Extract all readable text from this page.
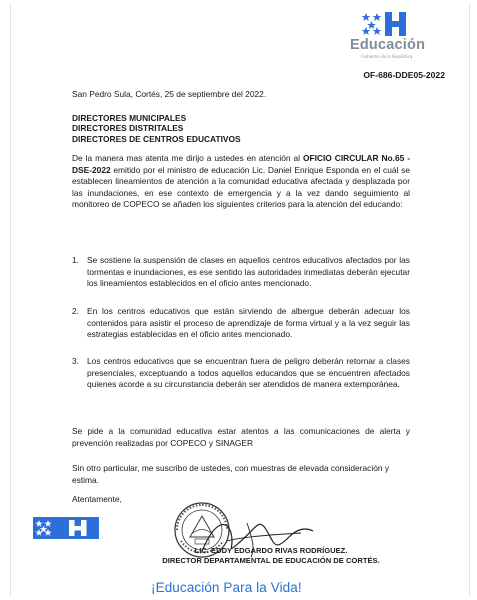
Educación
Gobierno de la República
OF-686-DDE05-2022
San Pedro Sula, Cortés, 25 de septiembre del 2022.
DIRECTORES MUNICIPALES
DIRECTORES DISTRITALES
DIRECTORES DE CENTROS EDUCATIVOS
De la manera mas atenta me dirijo a ustedes en atención al OFICIO CIRCULAR No.65 -DSE-2022 emitido por el ministro de educación Lic. Daniel Enrique Esponda en el cuál se establecen lineamientos de atención a la comunidad educativa afectada y desplazada por las inundaciones, en ese contexto de emergencia y a la vez dando seguimiento al monitoreo de COPECO se añaden los siguientes criterios para la atención del educando:
1. Se sostiene la suspensión de clases en aquellos centros educativos afectados por las tormentas e inundaciones, es ese sentido las autoridades inmediatas deberán ejecutar los lineamientos establecidos en el oficio antes mencionado.
2. En los centros educativos que están sirviendo de albergue deberán adecuar los contenidos para asistir el proceso de aprendizaje de forma virtual y a la vez seguir las estrategias establecidas en el oficio antes mencionado.
3. Los centros educativos que se encuentran fuera de peligro deberán retornar a clases presenciales, exceptuando a todos aquellos educandos que se encuentren afectados quienes acorde a su circunstancia deberán ser atendidos de manera extemporánea.
Se pide a la comunidad educativa estar atentos a las comunicaciones de alerta y prevención realizadas por COPECO y SINAGER
Sin otro particular, me suscribo de ustedes, con muestras de elevada consideración y estima.
Atentamente,
LIC. EDDY EDGARDO RIVAS RODRÍGUEZ.
DIRECTOR DEPARTAMENTAL DE EDUCACIÓN DE CORTÉS.
¡Educación Para la Vida!
